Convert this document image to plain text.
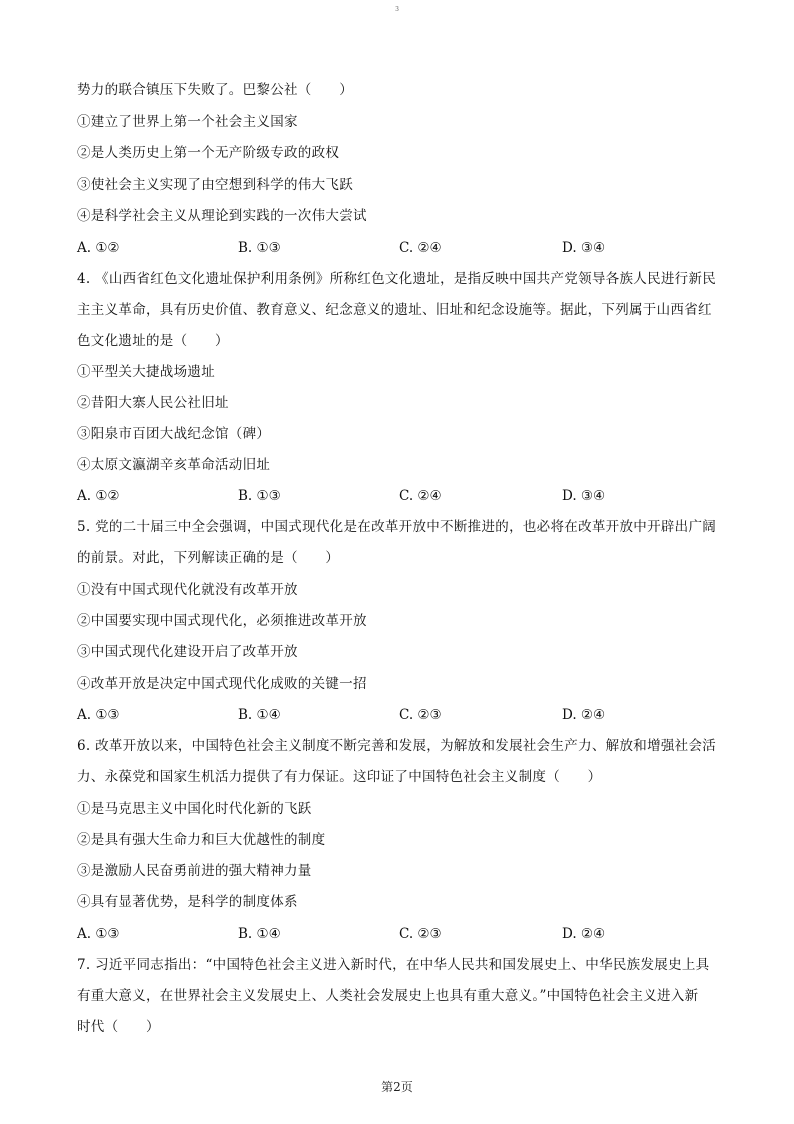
3
势力的联合镇压下失败了。巴黎公社（　　）
①建立了世界上第一个社会主义国家
②是人类历史上第一个无产阶级专政的政权
③使社会主义实现了由空想到科学的伟大飞跃
④是科学社会主义从理论到实践的一次伟大尝试
A. ①②	B. ①③	C. ②④	D. ③④
4. 《山西省红色文化遗址保护利用条例》所称红色文化遗址，是指反映中国共产党领导各族人民进行新民
主主义革命，具有历史价值、教育意义、纪念意义的遗址、旧址和纪念设施等。据此，下列属于山西省红
色文化遗址的是（　　）
①平型关大捷战场遗址
②昔阳大寨人民公社旧址
③阳泉市百团大战纪念馆（碑）
④太原文瀛湖辛亥革命活动旧址
A. ①②	B. ①③	C. ②④	D. ③④
5. 党的二十届三中全会强调，中国式现代化是在改革开放中不断推进的，也必将在改革开放中开辟出广阔
的前景。对此，下列解读正确的是（　　）
①没有中国式现代化就没有改革开放
②中国要实现中国式现代化，必须推进改革开放
③中国式现代化建设开启了改革开放
④改革开放是决定中国式现代化成败的关键一招
A. ①③	B. ①④	C. ②③	D. ②④
6. 改革开放以来，中国特色社会主义制度不断完善和发展，为解放和发展社会生产力、解放和增强社会活
力、永葆党和国家生机活力提供了有力保证。这印证了中国特色社会主义制度（　　）
①是马克思主义中国化时代化新的飞跃
②是具有强大生命力和巨大优越性的制度
③是激励人民奋勇前进的强大精神力量
④具有显著优势，是科学的制度体系
A. ①③	B. ①④	C. ②③	D. ②④
7. 习近平同志指出：“中国特色社会主义进入新时代，在中华人民共和国发展史上、中华民族发展史上具
有重大意义，在世界社会主义发展史上、人类社会发展史上也具有重大意义。”中国特色社会主义进入新
时代（　　）
第2页
